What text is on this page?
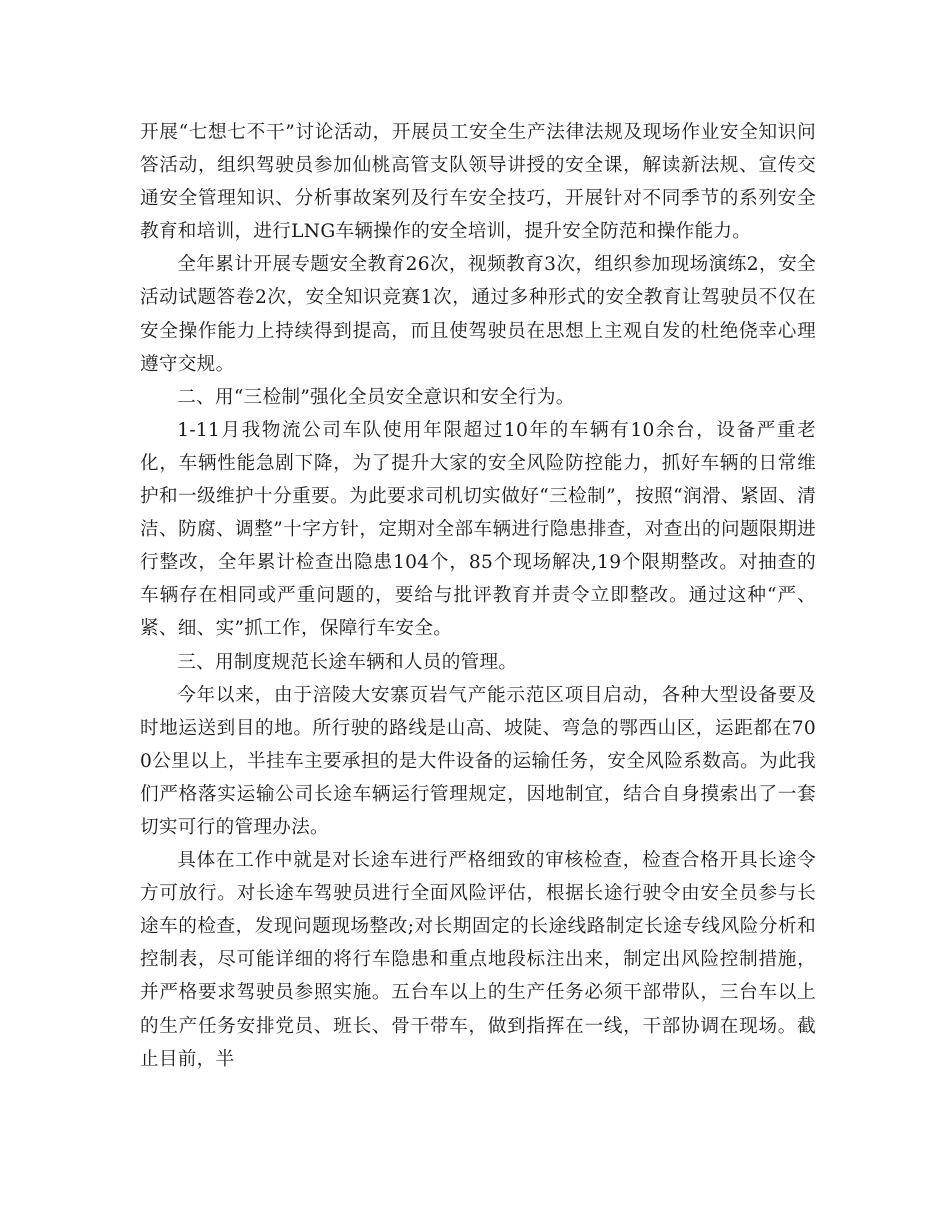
开展“七想七不干”讨论活动，开展员工安全生产法律法规及现场作业安全知识问答活动，组织驾驶员参加仙桃高管支队领导讲授的安全课，解读新法规、宣传交通安全管理知识、分析事故案列及行车安全技巧，开展针对不同季节的系列安全教育和培训，进行LNG车辆操作的安全培训，提升安全防范和操作能力。

全年累计开展专题安全教育26次，视频教育3次，组织参加现场演练2，安全活动试题答卷2次，安全知识竞赛1次，通过多种形式的安全教育让驾驶员不仅在安全操作能力上持续得到提高，而且使驾驶员在思想上主观自发的杜绝侥幸心理遵守交规。

二、用“三检制”强化全员安全意识和安全行为。

1-11月我物流公司车队使用年限超过10年的车辆有10余台，设备严重老化，车辆性能急剧下降，为了提升大家的安全风险防控能力，抓好车辆的日常维护和一级维护十分重要。为此要求司机切实做好“三检制”，按照“润滑、紧固、清洁、防腐、调整”十字方针，定期对全部车辆进行隐患排查，对查出的问题限期进行整改，全年累计检查出隐患104个，85个现场解决,19个限期整改。对抽查的车辆存在相同或严重问题的，要给与批评教育并责令立即整改。通过这种“严、紧、细、实”抓工作，保障行车安全。

三、用制度规范长途车辆和人员的管理。

今年以来，由于涪陵大安寨页岩气产能示范区项目启动，各种大型设备要及时地运送到目的地。所行驶的路线是山高、坡陡、弯急的鄂西山区，运距都在700公里以上，半挂车主要承担的是大件设备的运输任务，安全风险系数高。为此我们严格落实运输公司长途车辆运行管理规定，因地制宜，结合自身摸索出了一套切实可行的管理办法。

具体在工作中就是对长途车进行严格细致的审核检查，检查合格开具长途令方可放行。对长途车驾驶员进行全面风险评估，根据长途行驶令由安全员参与长途车的检查，发现问题现场整改;对长期固定的长途线路制定长途专线风险分析和控制表，尽可能详细的将行车隐患和重点地段标注出来，制定出风险控制措施，并严格要求驾驶员参照实施。五台车以上的生产任务必须干部带队，三台车以上的生产任务安排党员、班长、骨干带车，做到指挥在一线，干部协调在现场。截止目前，半
